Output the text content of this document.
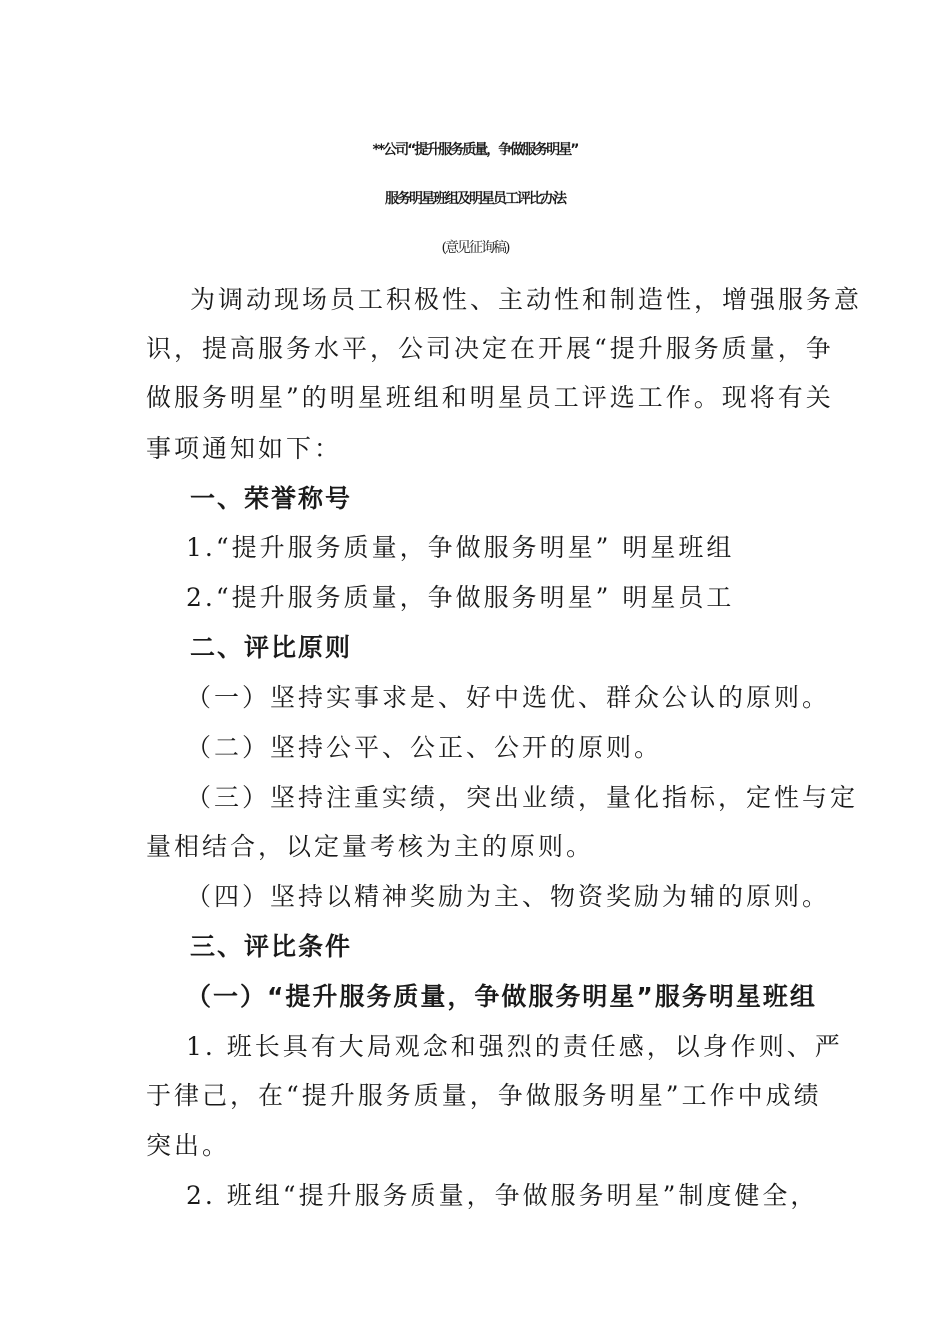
**公司“提升服务质量，争做服务明星”
服务明星班组及明星员工评比办法
(意见征询稿)
为调动现场员工积极性、主动性和制造性，增强服务意
识，提高服务水平，公司决定在开展“提升服务质量，争
做服务明星”的明星班组和明星员工评选工作。现将有关
事项通知如下：
一、荣誉称号
1.“提升服务质量，争做服务明星” 明星班组
2.“提升服务质量，争做服务明星” 明星员工
二、评比原则
（一）坚持实事求是、好中选优、群众公认的原则。
（二）坚持公平、公正、公开的原则。
（三）坚持注重实绩，突出业绩，量化指标，定性与定
量相结合，以定量考核为主的原则。
（四）坚持以精神奖励为主、物资奖励为辅的原则。
三、评比条件
（一）“提升服务质量，争做服务明星”服务明星班组
1. 班长具有大局观念和强烈的责任感，以身作则、严
于律己，在“提升服务质量，争做服务明星”工作中成绩
突出。
2. 班组“提升服务质量，争做服务明星”制度健全，
